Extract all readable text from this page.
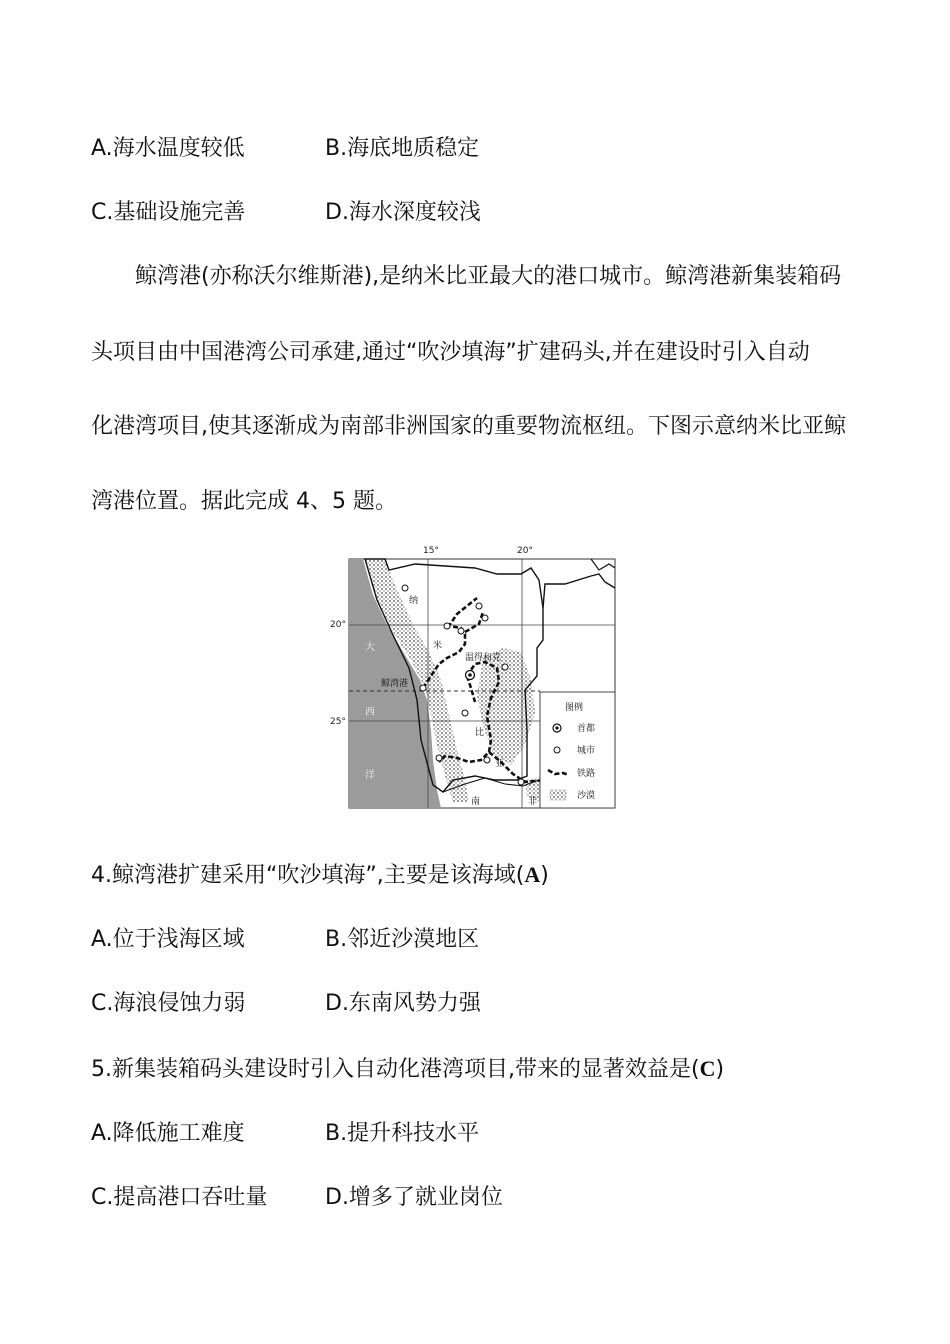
A.海水温度较低	B.海底地质稳定
C.基础设施完善	D.海水深度较浅
鲸湾港(亦称沃尔维斯港),是纳米比亚最大的港口城市。鲸湾港新集装箱码
头项目由中国港湾公司承建,通过“吹沙填海”扩建码头,并在建设时引入自动
化港湾项目,使其逐渐成为南部非洲国家的重要物流枢纽。下图示意纳米比亚鲸
湾港位置。据此完成 4、5 题。
15°	20°
20°
25°
温得和克
鲸湾港
纳
米
比
亚
大
西
洋
南	非
图例
首都
城市
铁路
沙漠
4.鲸湾港扩建采用“吹沙填海”,主要是该海域(A)
A.位于浅海区域	B.邻近沙漠地区
C.海浪侵蚀力弱	D.东南风势力强
5.新集装箱码头建设时引入自动化港湾项目,带来的显著效益是(C)
A.降低施工难度	B.提升科技水平
C.提高港口吞吐量	D.增多了就业岗位
